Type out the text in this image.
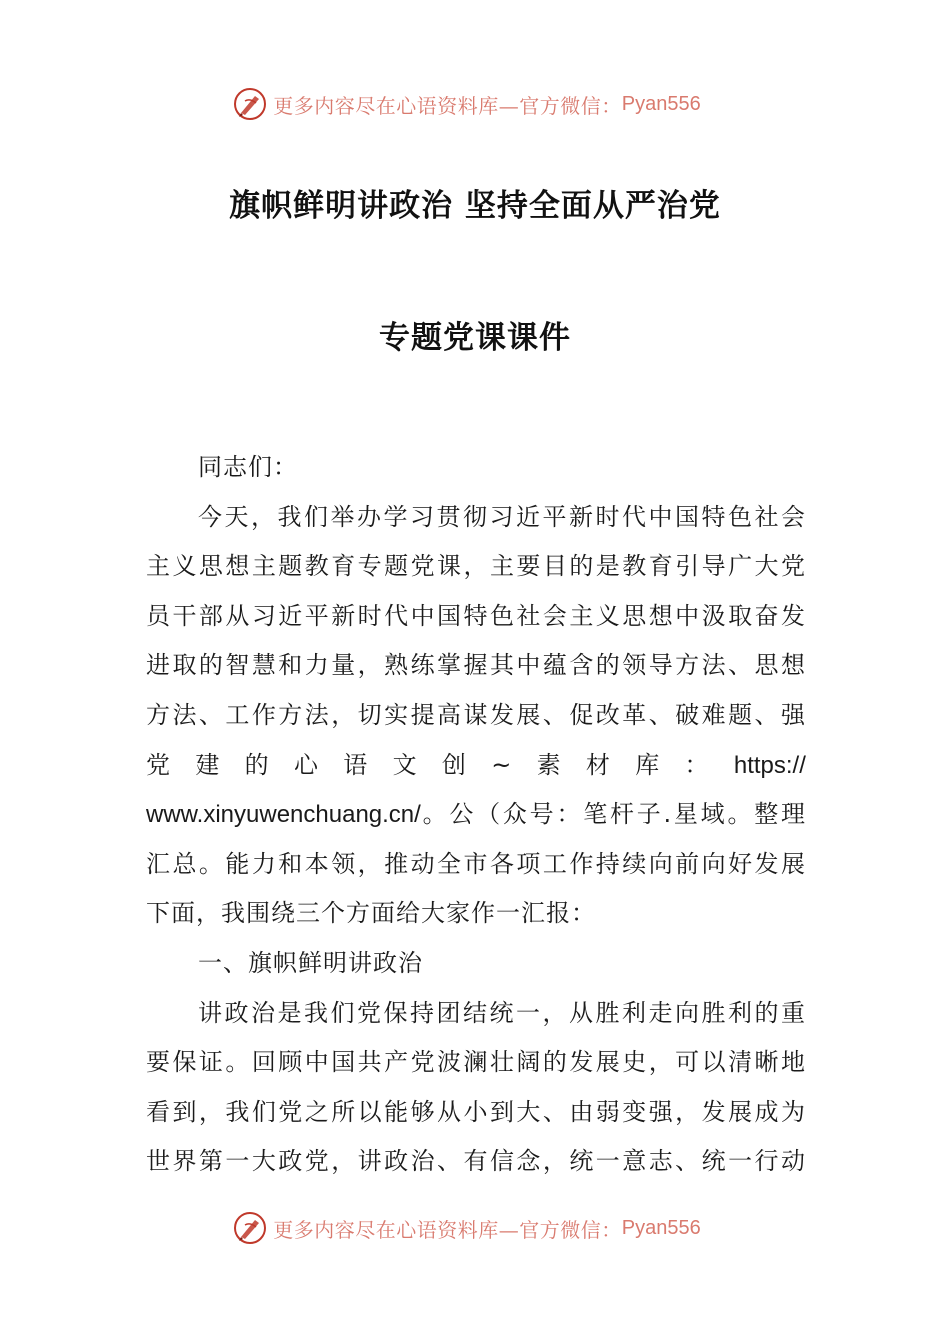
更多内容尽在心语资料库—官方微信： Pyan556
旗帜鲜明讲政治 坚持全面从严治党
专题党课课件
同志们：
今天，我们举办学习贯彻习近平新时代中国特色社会
主义思想主题教育专题党课，主要目的是教育引导广大党
员干部从习近平新时代中国特色社会主义思想中汲取奋发
进取的智慧和力量，熟练掌握其中蕴含的领导方法、思想
方法、工作方法，切实提高谋发展、促改革、破难题、强
党 建 的 心 语 文 创 ~ 素 材 库 ： https://
www.xinyuwenchuang.cn/。公（众号：笔杆子.星域。整理
汇总。能力和本领，推动全市各项工作持续向前向好发展
下面，我围绕三个方面给大家作一汇报：
一、旗帜鲜明讲政治
讲政治是我们党保持团结统一，从胜利走向胜利的重
要保证。回顾中国共产党波澜壮阔的发展史，可以清晰地
看到，我们党之所以能够从小到大、由弱变强，发展成为
世界第一大政党，讲政治、有信念，统一意志、统一行动
更多内容尽在心语资料库—官方微信： Pyan556
